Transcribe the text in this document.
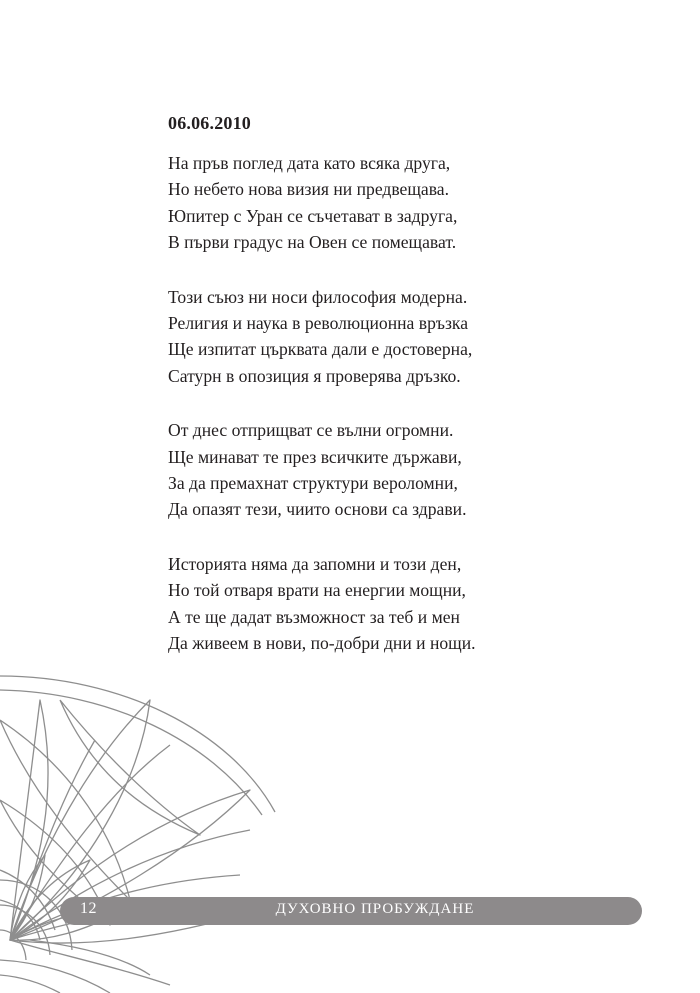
06.06.2010

На пръв поглед дата като всяка друга,
Но небето нова визия ни предвещава.
Юпитер с Уран се съчетават в задруга,
В първи градус на Овен се помещават.

Този съюз ни носи философия модерна.
Религия и наука в революционна връзка
Ще изпитат църквата дали е достоверна,
Сатурн в опозиция я проверява дръзко.

От днес отприщват се вълни огромни.
Ще минават те през всичките държави,
За да премахнат структури вероломни,
Да опазят тези, чиито основи са здрави.

Историята няма да запомни и този ден,
Но той отваря врати на енергии мощни,
А те ще дадат възможност за теб и мен
Да живеем в нови, по-добри дни и нощи.

12	ДУХОВНО ПРОБУЖДАНЕ
